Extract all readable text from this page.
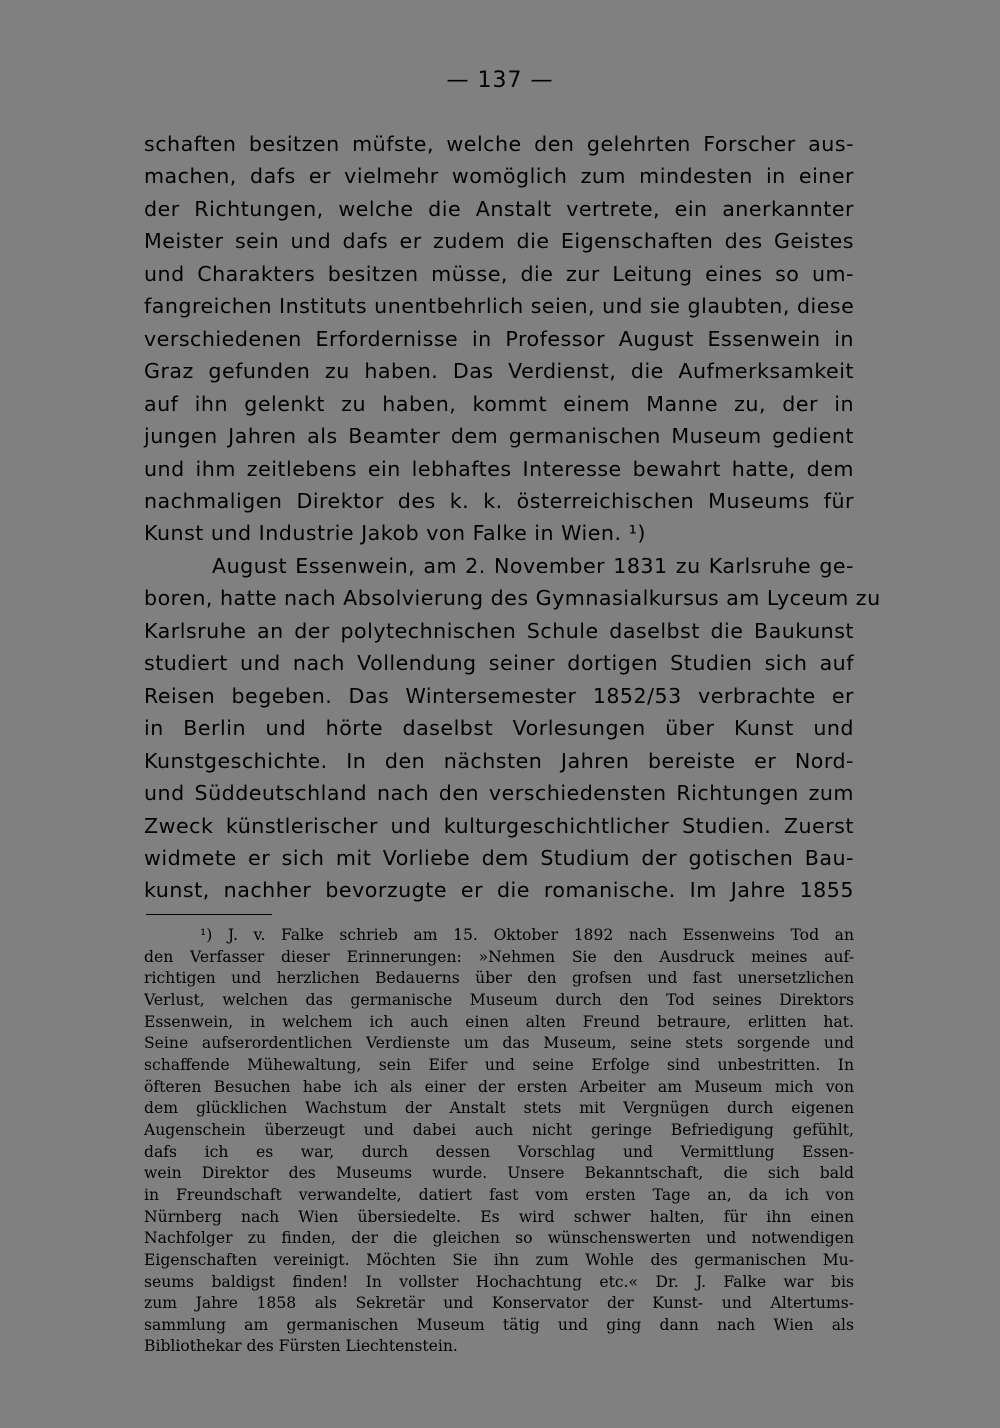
— 137 —
schaften besitzen müfste, welche den gelehrten Forscher aus-
machen, dafs er vielmehr womöglich zum mindesten in einer
der Richtungen, welche die Anstalt vertrete, ein anerkannter
Meister sein und dafs er zudem die Eigenschaften des Geistes
und Charakters besitzen müsse, die zur Leitung eines so um-
fangreichen Instituts unentbehrlich seien, und sie glaubten, diese
verschiedenen Erfordernisse in Professor August Essenwein in
Graz gefunden zu haben. Das Verdienst, die Aufmerksamkeit
auf ihn gelenkt zu haben, kommt einem Manne zu, der in
jungen Jahren als Beamter dem germanischen Museum gedient
und ihm zeitlebens ein lebhaftes Interesse bewahrt hatte, dem
nachmaligen Direktor des k. k. österreichischen Museums für
Kunst und Industrie Jakob von Falke in Wien. ¹)
August Essenwein, am 2. November 1831 zu Karlsruhe ge-
boren, hatte nach Absolvierung des Gymnasialkursus am Lyceum zu
Karlsruhe an der polytechnischen Schule daselbst die Baukunst
studiert und nach Vollendung seiner dortigen Studien sich auf
Reisen begeben. Das Wintersemester 1852/53 verbrachte er
in Berlin und hörte daselbst Vorlesungen über Kunst und
Kunstgeschichte. In den nächsten Jahren bereiste er Nord-
und Süddeutschland nach den verschiedensten Richtungen zum
Zweck künstlerischer und kulturgeschichtlicher Studien. Zuerst
widmete er sich mit Vorliebe dem Studium der gotischen Bau-
kunst, nachher bevorzugte er die romanische. Im Jahre 1855
¹) J. v. Falke schrieb am 15. Oktober 1892 nach Essenweins Tod an
den Verfasser dieser Erinnerungen: »Nehmen Sie den Ausdruck meines auf-
richtigen und herzlichen Bedauerns über den grofsen und fast unersetzlichen
Verlust, welchen das germanische Museum durch den Tod seines Direktors
Essenwein, in welchem ich auch einen alten Freund betraure, erlitten hat.
Seine aufserordentlichen Verdienste um das Museum, seine stets sorgende und
schaffende Mühewaltung, sein Eifer und seine Erfolge sind unbestritten. In
öfteren Besuchen habe ich als einer der ersten Arbeiter am Museum mich von
dem glücklichen Wachstum der Anstalt stets mit Vergnügen durch eigenen
Augenschein überzeugt und dabei auch nicht geringe Befriedigung gefühlt,
dafs ich es war, durch dessen Vorschlag und Vermittlung Essen-
wein Direktor des Museums wurde. Unsere Bekanntschaft, die sich bald
in Freundschaft verwandelte, datiert fast vom ersten Tage an, da ich von
Nürnberg nach Wien übersiedelte. Es wird schwer halten, für ihn einen
Nachfolger zu finden, der die gleichen so wünschenswerten und notwendigen
Eigenschaften vereinigt. Möchten Sie ihn zum Wohle des germanischen Mu-
seums baldigst finden! In vollster Hochachtung etc.« Dr. J. Falke war bis
zum Jahre 1858 als Sekretär und Konservator der Kunst- und Altertums-
sammlung am germanischen Museum tätig und ging dann nach Wien als
Bibliothekar des Fürsten Liechtenstein.
